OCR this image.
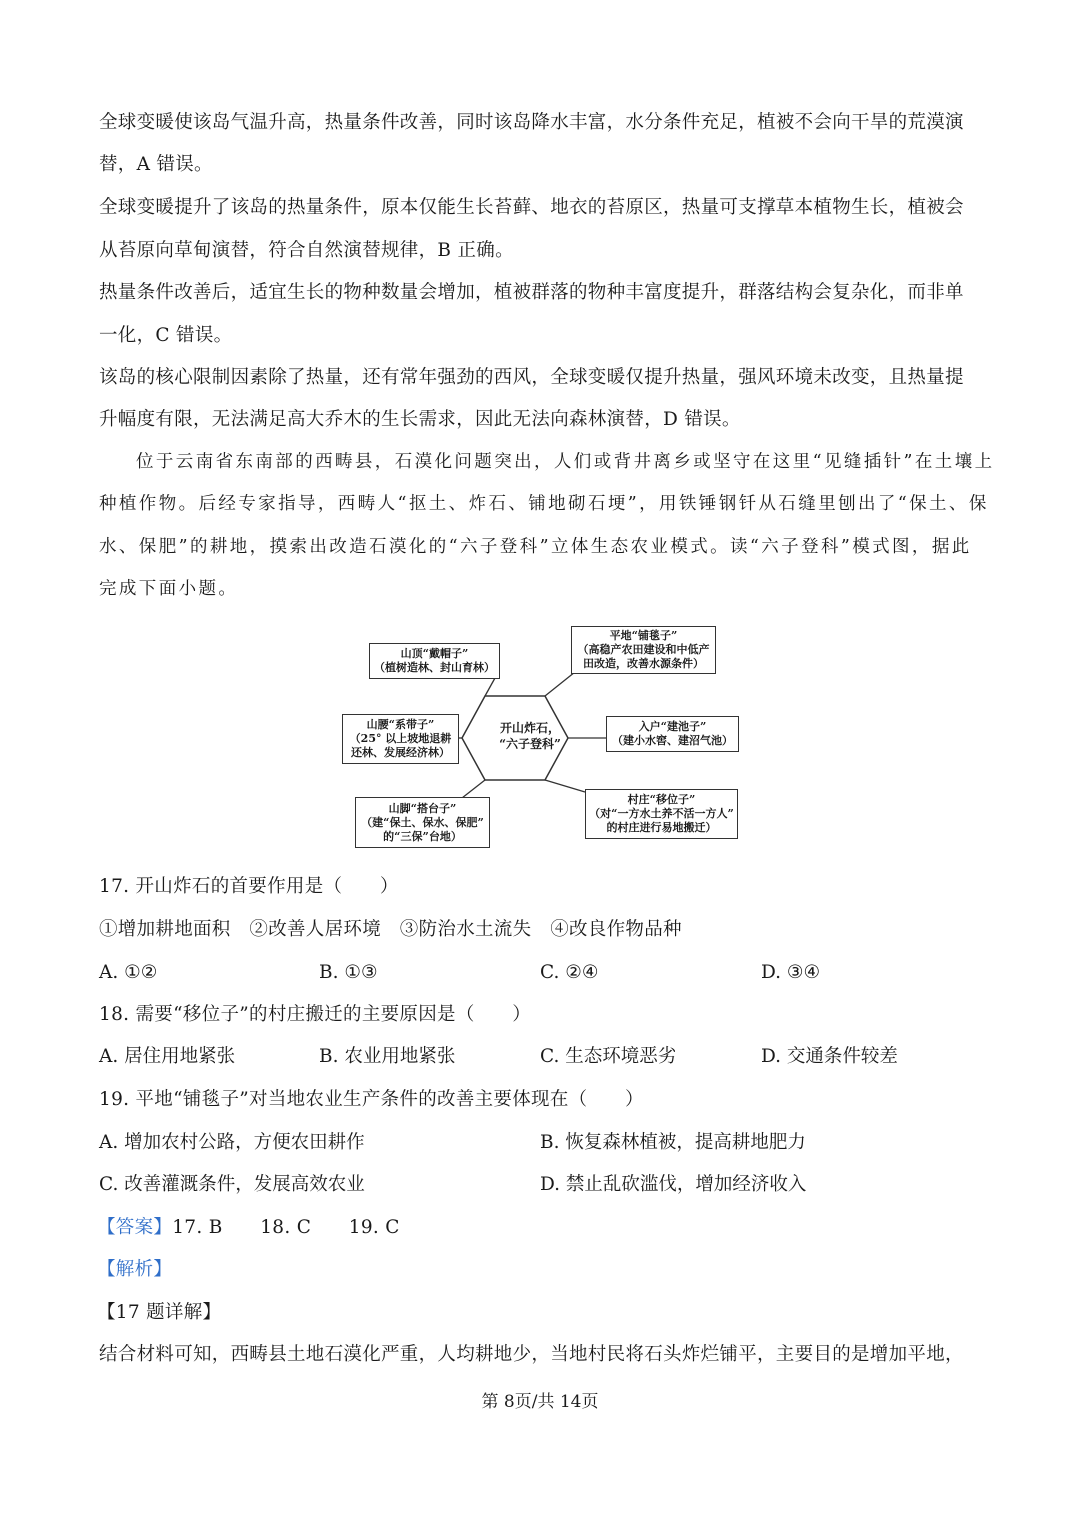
全球变暖使该岛气温升高，热量条件改善，同时该岛降水丰富，水分条件充足，植被不会向干旱的荒漠演
替，A 错误。
全球变暖提升了该岛的热量条件，原本仅能生长苔藓、地衣的苔原区，热量可支撑草本植物生长，植被会
从苔原向草甸演替，符合自然演替规律，B 正确。
热量条件改善后，适宜生长的物种数量会增加，植被群落的物种丰富度提升，群落结构会复杂化，而非单
一化，C 错误。
该岛的核心限制因素除了热量，还有常年强劲的西风，全球变暖仅提升热量，强风环境未改变，且热量提
升幅度有限，无法满足高大乔木的生长需求，因此无法向森林演替，D 错误。
位于云南省东南部的西畴县，石漠化问题突出，人们或背井离乡或坚守在这里“见缝插针”在土壤上
种植作物。后经专家指导，西畴人“抠土、炸石、铺地砌石埂”，用铁锤钢钎从石缝里刨出了“保土、保
水、保肥”的耕地，摸索出改造石漠化的“六子登科”立体生态农业模式。读“六子登科”模式图，据此
完成下面小题。
开山炸石，
“六子登科”
山顶“戴帽子”
（植树造林、封山育林）
平地“铺毯子”
（高稳产农田建设和中低产
田改造，改善水源条件）
山腰“系带子”
（25° 以上坡地退耕
还林、发展经济林）
入户“建池子”
（建小水窖、建沼气池）
山脚“搭台子”
（建“保土、保水、保肥”
的“三保”台地）
村庄“移位子”
（对“一方水土养不活一方人”
的村庄进行易地搬迁）
17. 开山炸石的首要作用是（　　）
①增加耕地面积　②改善人居环境　③防治水土流失　④改良作物品种
A. ①②	B. ①③	C. ②④	D. ③④
18. 需要“移位子”的村庄搬迁的主要原因是（　　）
A. 居住用地紧张	B. 农业用地紧张	C. 生态环境恶劣	D. 交通条件较差
19. 平地“铺毯子”对当地农业生产条件的改善主要体现在（　　）
A. 增加农村公路，方便农田耕作	B. 恢复森林植被，提高耕地肥力
C. 改善灌溉条件，发展高效农业	D. 禁止乱砍滥伐，增加经济收入
【答案】17. B　　18. C　　19. C
【解析】
【17 题详解】
结合材料可知，西畴县土地石漠化严重，人均耕地少，当地村民将石头炸烂铺平，主要目的是增加平地，
第 8页/共 14页
